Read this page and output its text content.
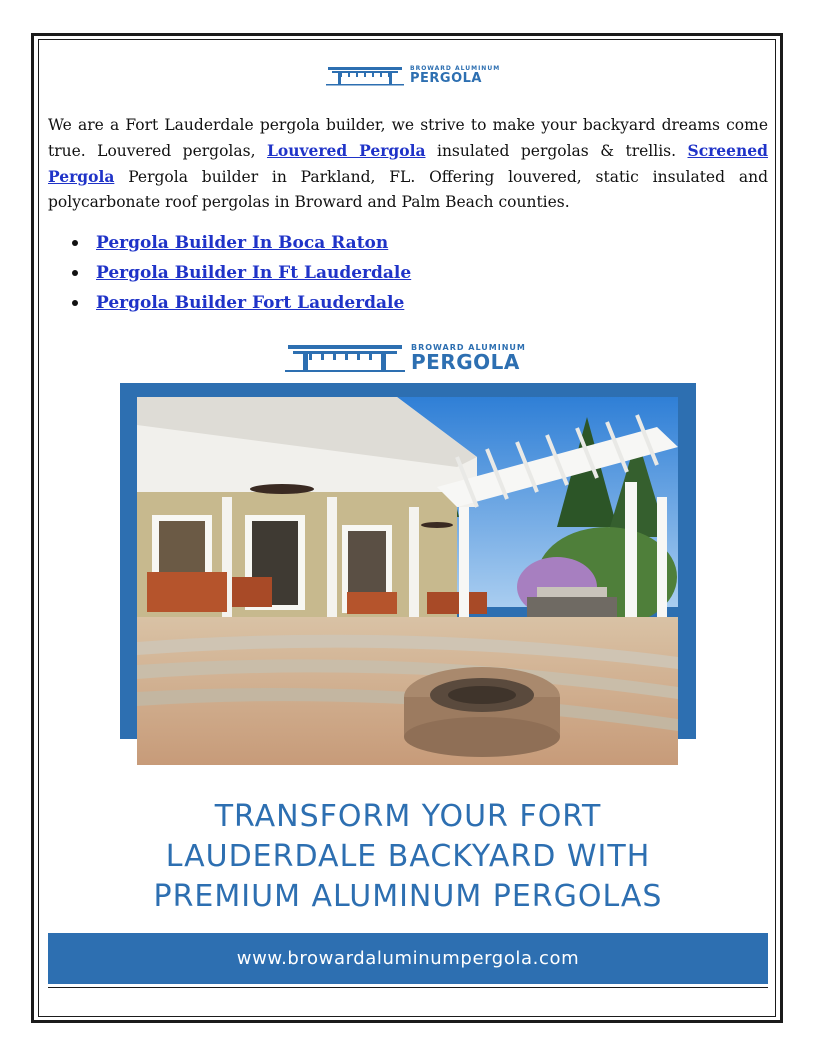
BROWARD ALUMINUM
PERGOLA

We are a Fort Lauderdale pergola builder, we strive to make your backyard dreams come true. Louvered pergolas, Louvered Pergola insulated pergolas & trellis. Screened Pergola Pergola builder in Parkland, FL. Offering louvered, static insulated and polycarbonate roof pergolas in Broward and Palm Beach counties.

Pergola Builder In Boca Raton
Pergola Builder In Ft Lauderdale
Pergola Builder Fort Lauderdale
BROWARD ALUMINUM
PERGOLA
TRANSFORM YOUR FORT
LAUDERDALE BACKYARD WITH
PREMIUM ALUMINUM PERGOLAS
www.browardaluminumpergola.com
